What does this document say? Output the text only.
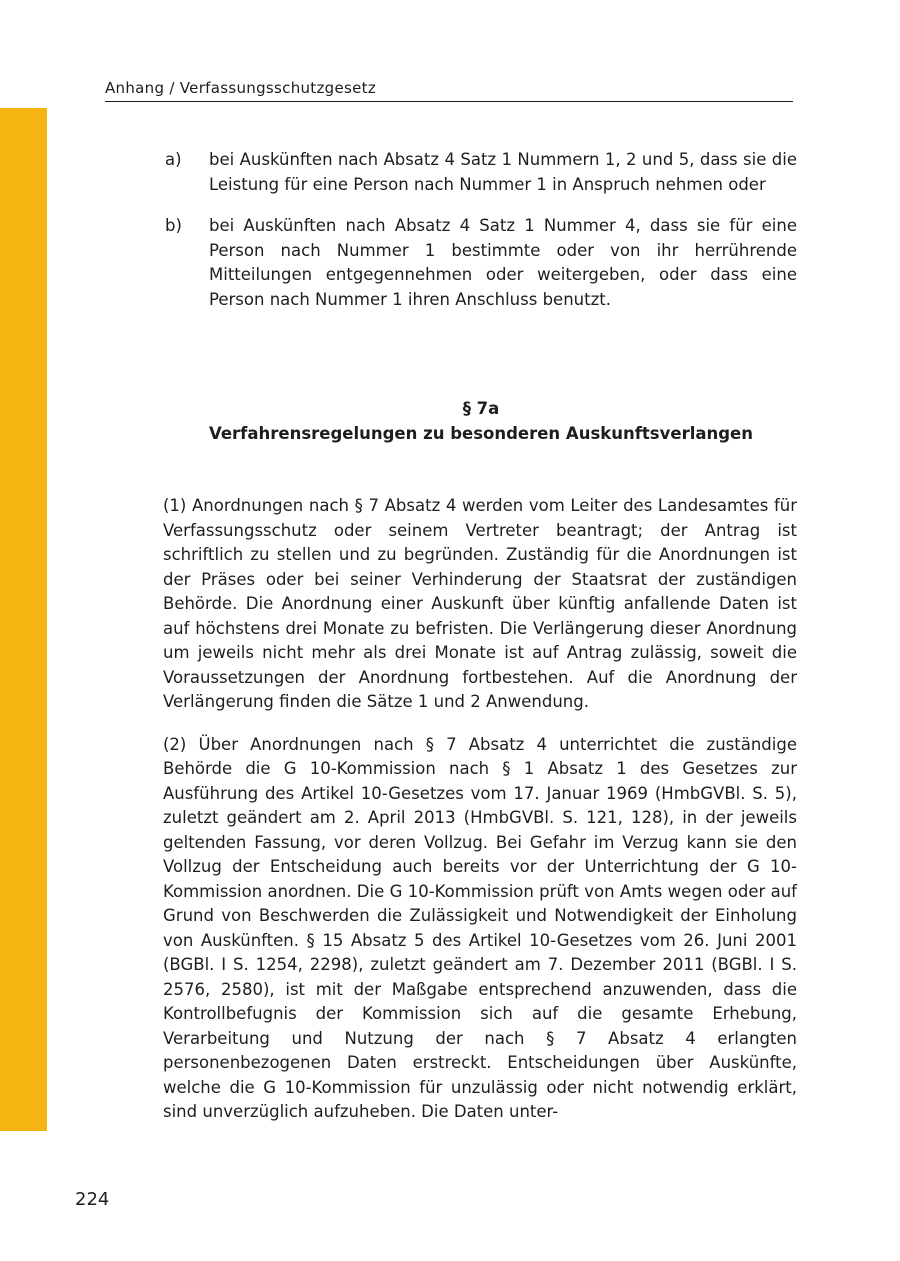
Anhang / Verfassungsschutzgesetz
a)	bei Auskünften nach Absatz 4 Satz 1 Nummern 1, 2 und 5, dass sie die Leistung für eine Person nach Nummer 1 in Anspruch nehmen oder
b)	bei Auskünften nach Absatz 4 Satz 1 Nummer 4, dass sie für eine Person nach Nummer 1 bestimmte oder von ihr herrührende Mitteilungen entgegennehmen oder weitergeben, oder dass eine Person nach Nummer 1 ihren Anschluss benutzt.
§ 7a
Verfahrensregelungen zu besonderen Auskunftsverlangen

(1) Anordnungen nach § 7 Absatz 4 werden vom Leiter des Landesamtes für Verfassungsschutz oder seinem Vertreter beantragt; der Antrag ist schriftlich zu stellen und zu begründen. Zuständig für die Anordnungen ist der Präses oder bei seiner Verhinderung der Staatsrat der zuständigen Behörde. Die Anordnung einer Auskunft über künftig anfallende Daten ist auf höchstens drei Monate zu befristen. Die Verlängerung dieser Anordnung um jeweils nicht mehr als drei Monate ist auf Antrag zulässig, soweit die Voraussetzungen der Anordnung fortbestehen. Auf die Anordnung der Verlängerung finden die Sätze 1 und 2 Anwendung.

(2) Über Anordnungen nach § 7 Absatz 4 unterrichtet die zuständige Behörde die G 10-Kommission nach § 1 Absatz 1 des Gesetzes zur Ausführung des Artikel 10-Gesetzes vom 17. Januar 1969 (HmbGVBl. S. 5), zuletzt geändert am 2. April 2013 (HmbGVBl. S. 121, 128), in der jeweils geltenden Fassung, vor deren Vollzug. Bei Gefahr im Verzug kann sie den Vollzug der Entscheidung auch bereits vor der Unterrichtung der G 10-Kommission anordnen. Die G 10-Kommission prüft von Amts wegen oder auf Grund von Beschwerden die Zulässigkeit und Notwendigkeit der Einholung von Auskünften. § 15 Absatz 5 des Artikel 10-Gesetzes vom 26. Juni 2001 (BGBl. I S. 1254, 2298), zuletzt geändert am 7. Dezember 2011 (BGBl. I S. 2576, 2580), ist mit der Maßgabe entsprechend anzuwenden, dass die Kontrollbefugnis der Kommission sich auf die gesamte Erhebung, Verarbeitung und Nutzung der nach § 7 Absatz 4 erlangten personenbezogenen Daten erstreckt. Entscheidungen über Auskünfte, welche die G 10-Kommission für unzulässig oder nicht notwendig erklärt, sind unverzüglich aufzuheben. Die Daten unter-

224
